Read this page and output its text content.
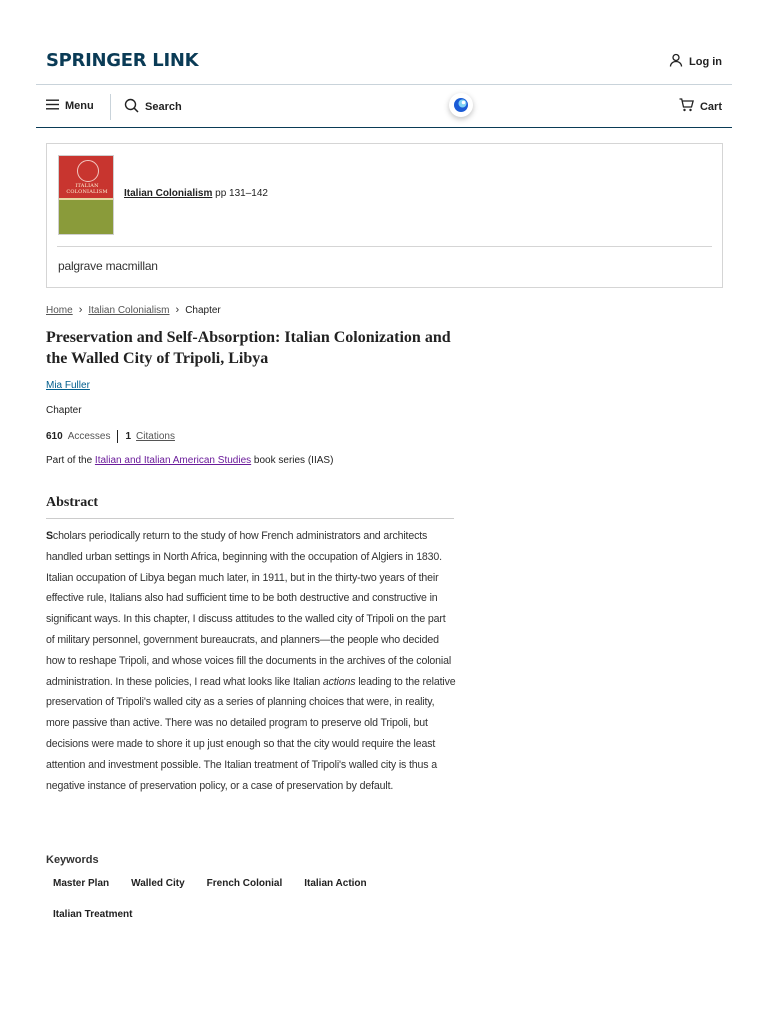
SPRINGER LINK	Log in
Menu	Search	Cart
ITALIAN COLONIALISM	Italian Colonialism pp 131–142
palgrave macmillan
Home › Italian Colonialism › Chapter
Preservation and Self-Absorption: Italian Colonization and the Walled City of Tripoli, Libya
Mia Fuller
Chapter
610 Accesses 1 Citations
Part of the Italian and Italian American Studies book series (IIAS)
Abstract

Scholars periodically return to the study of how French administrators and architects handled urban settings in North Africa, beginning with the occupation of Algiers in 1830. Italian occupation of Libya began much later, in 1911, but in the thirty-two years of their effective rule, Italians also had sufficient time to be both destructive and constructive in significant ways. In this chapter, I discuss attitudes to the walled city of Tripoli on the part of military personnel, government bureaucrats, and planners—the people who decided how to reshape Tripoli, and whose voices fill the documents in the archives of the colonial administration. In these policies, I read what looks like Italian actions leading to the relative preservation of Tripoli's walled city as a series of planning choices that were, in reality, more passive than active. There was no detailed program to preserve old Tripoli, but decisions were made to shore it up just enough so that the city would require the least attention and investment possible. The Italian treatment of Tripoli's walled city is thus a negative instance of preservation policy, or a case of preservation by default.

Keywords
Master Plan	Walled City	French Colonial	Italian Action
Italian Treatment
